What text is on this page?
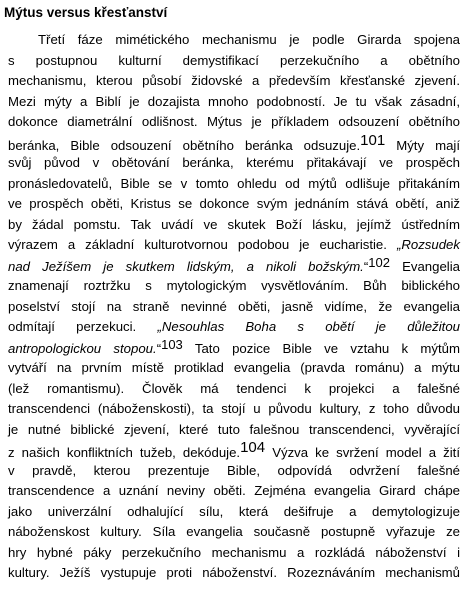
Mýtus versus křesťanství
Třetí fáze mimétického mechanismu je podle Girarda spojena
s postupnou kulturní demystifikací perzekučního a obětního
mechanismu, kterou působí židovské a především křesťanské zjevení.
Mezi mýty a Biblí je dozajista mnoho podobností. Je tu však zásadní,
dokonce diametrální odlišnost. Mýtus je příkladem odsouzení obětního
beránka, Bible odsouzení obětního beránka odsuzuje.$^{101}$ Mýty mají
svůj původ v obětování beránka, kterému přitakávají ve prospěch
pronásledovatelů, Bible se v tomto ohledu od mýtů odlišuje přitakáním
ve prospěch oběti, Kristus se dokonce svým jednáním stává obětí, aniž
by žádal pomstu. Tak uvádí ve skutek Boží lásku, jejímž ústředním
výrazem a základní kulturotvornou podobou je eucharistie. „Rozsudek
nad Ježíšem je skutkem lidským, a nikoli božským.“$^{102}$ Evangelia
znamenají roztržku s mytologickým vysvětlováním. Bůh biblického
poselství stojí na straně nevinné oběti, jasně vidíme, že evangelia
odmítají perzekuci. „Nesouhlas Boha s obětí je důležitou
antropologickou stopou.“$^{103}$ Tato pozice Bible ve vztahu k mýtům
vytváří na prvním místě protiklad evangelia (pravda románu) a mýtu
(lež romantismu). Člověk má tendenci k projekci a falešné
transcendenci (náboženskosti), ta stojí u původu kultury, z toho důvodu
je nutné biblické zjevení, které tuto falešnou transcendenci, vyvěrající
z našich konfliktních tužeb, dekóduje.$^{104}$ Výzva ke svržení model a žití
v pravdě, kterou prezentuje Bible, odpovídá odvržení falešné
transcendence a uznání neviny oběti. Zejména evangelia Girard chápe
jako univerzální odhalující sílu, která dešifruje a demytologizuje
náboženskost kultury. Síla evangelia současně postupně vyřazuje ze
hry hybné páky perzekučního mechanismu a rozkládá náboženství i
kultury. Ježíš vystupuje proti náboženství. Rozeznáváním mechanismů
